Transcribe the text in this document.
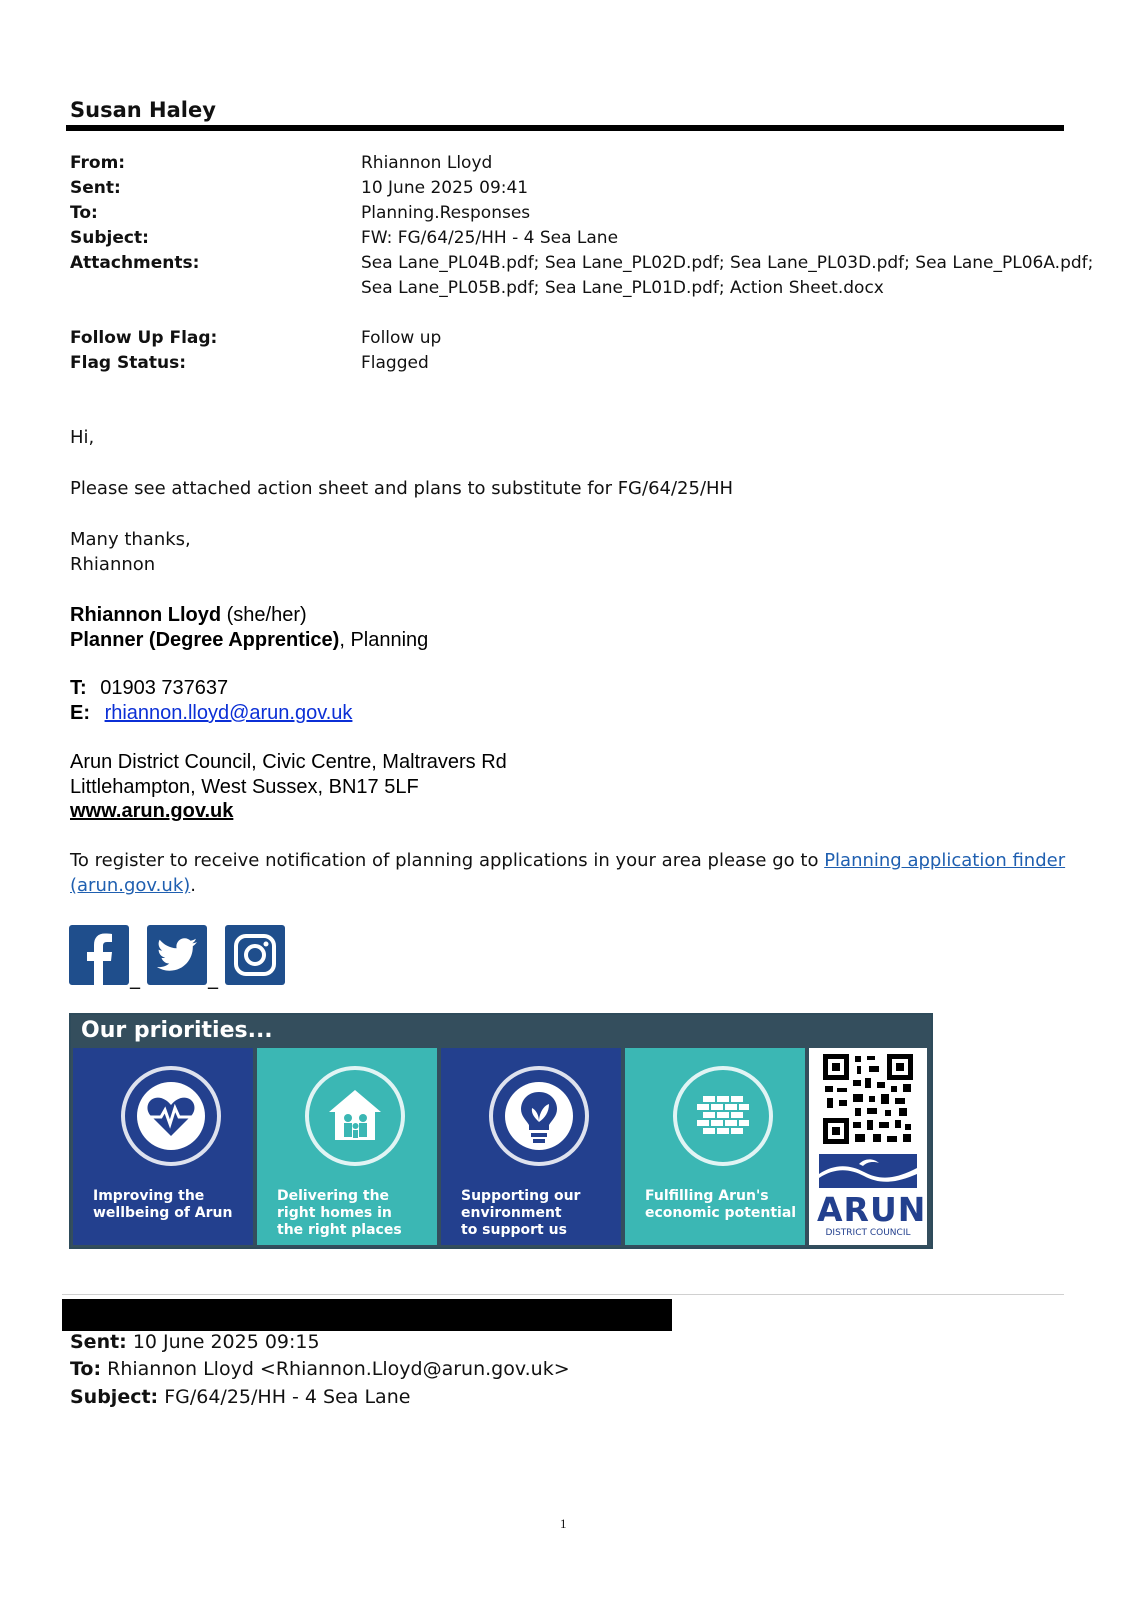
Susan Haley
From:	Rhiannon Lloyd
Sent:	10 June 2025 09:41
To:	Planning.Responses
Subject:	FW: FG/64/25/HH - 4 Sea Lane
Attachments:	Sea Lane_PL04B.pdf; Sea Lane_PL02D.pdf; Sea Lane_PL03D.pdf; Sea Lane_PL06A.pdf;
Sea Lane_PL05B.pdf; Sea Lane_PL01D.pdf; Action Sheet.docx
Follow Up Flag:	Follow up
Flag Status:	Flagged
Hi,
Please see attached action sheet and plans to substitute for FG/64/25/HH
Many thanks,
Rhiannon
Rhiannon Lloyd (she/her)
Planner (Degree Apprentice), Planning
T: 01903 737637
E: rhiannon.lloyd@arun.gov.uk
Arun District Council, Civic Centre, Maltravers Rd
Littlehampton, West Sussex, BN17 5LF
www.arun.gov.uk
To register to receive notification of planning applications in your area please go to Planning application finder
(arun.gov.uk).
_	_
Our priorities...
Improving the
wellbeing of Arun
Delivering the
right homes in
the right places
Supporting our
environment
to support us
Fulfilling Arun's
economic potential ARUN
DISTRICT COUNCIL
Sent: 10 June 2025 09:15
To: Rhiannon Lloyd <Rhiannon.Lloyd@arun.gov.uk>
Subject: FG/64/25/HH - 4 Sea Lane
1
